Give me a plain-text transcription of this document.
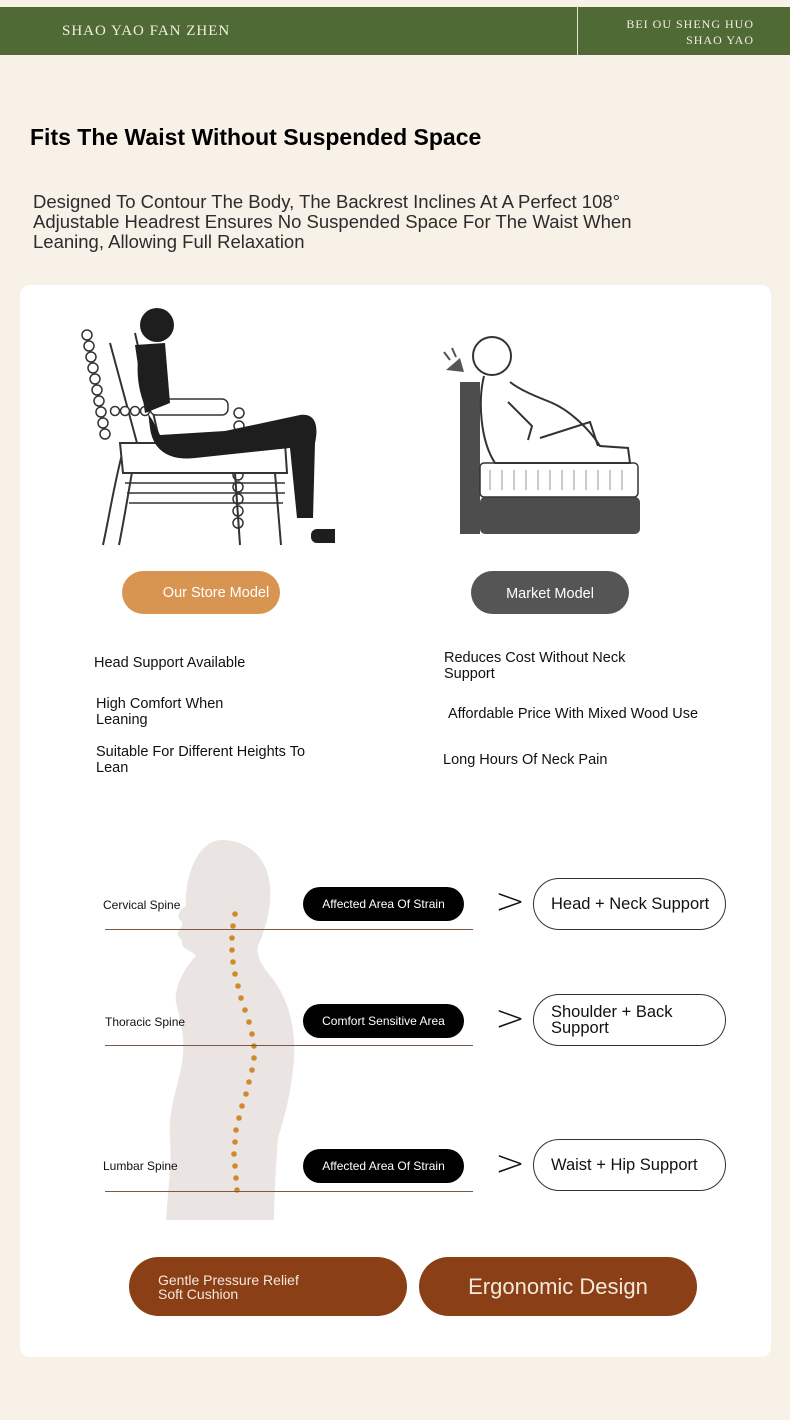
SHAO YAO FAN ZHEN	BEI OU SHENG HUO
SHAO YAO
Fits The Waist Without Suspended Space
Designed To Contour The Body, The Backrest Inclines At A Perfect 108° Adjustable Headrest Ensures No Suspended Space For The Waist When Leaning, Allowing Full Relaxation
Our Store Model	Market Model
Head Support Available
High Comfort When Leaning
Suitable For Different Heights To Lean
Reduces Cost Without Neck Support
Affordable Price With Mixed Wood Use
Long Hours Of Neck Pain
Cervical Spine	Affected Area Of Strain	>	Head + Neck Support
Thoracic Spine	Comfort Sensitive Area	>	Shoulder + Back Support
Lumbar Spine	Affected Area Of Strain	>	Waist + Hip Support
Gentle Pressure Relief
Soft Cushion	Ergonomic Design
